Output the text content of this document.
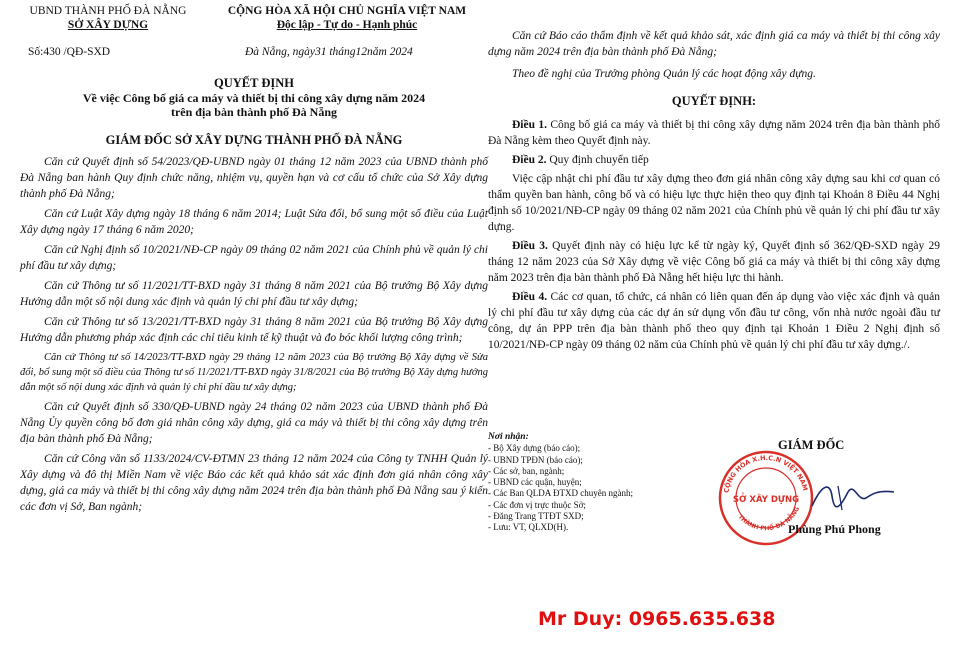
UBND THÀNH PHỐ ĐÀ NẴNG
SỞ XÂY DỰNG
CỘNG HÒA XÃ HỘI CHỦ NGHĨA VIỆT NAM
Độc lập - Tự do - Hạnh phúc
Số:430 /QĐ-SXD	Đà Nẵng, ngày31 tháng12năm 2024
QUYẾT ĐỊNH
Về việc Công bố giá ca máy và thiết bị thi công xây dựng năm 2024
trên địa bàn thành phố Đà Nẵng
GIÁM ĐỐC SỞ XÂY DỰNG THÀNH PHỐ ĐÀ NẴNG

Căn cứ Quyết định số 54/2023/QĐ-UBND ngày 01 tháng 12 năm 2023 của UBND thành phố Đà Nẵng ban hành Quy định chức năng, nhiệm vụ, quyền hạn và cơ cấu tổ chức của Sở Xây dựng thành phố Đà Nẵng;

Căn cứ Luật Xây dựng ngày 18 tháng 6 năm 2014; Luật Sửa đổi, bổ sung một số điều của Luật Xây dựng ngày 17 tháng 6 năm 2020;

Căn cứ Nghị định số 10/2021/NĐ-CP ngày 09 tháng 02 năm 2021 của Chính phủ về quản lý chi phí đầu tư xây dựng;

Căn cứ Thông tư số 11/2021/TT-BXD ngày 31 tháng 8 năm 2021 của Bộ trưởng Bộ Xây dựng Hướng dẫn một số nội dung xác định và quản lý chi phí đầu tư xây dựng;

Căn cứ Thông tư số 13/2021/TT-BXD ngày 31 tháng 8 năm 2021 của Bộ trưởng Bộ Xây dựng Hướng dẫn phương pháp xác định các chỉ tiêu kinh tế kỹ thuật và đo bóc khối lượng công trình;

Căn cứ Thông tư số 14/2023/TT-BXD ngày 29 tháng 12 năm 2023 của Bộ trưởng Bộ Xây dựng về Sửa đổi, bổ sung một số điều của Thông tư số 11/2021/TT-BXD ngày 31/8/2021 của Bộ trưởng Bộ Xây dựng hướng dẫn một số nội dung xác định và quản lý chi phí đầu tư xây dựng;

Căn cứ Quyết định số 330/QĐ-UBND ngày 24 tháng 02 năm 2023 của UBND thành phố Đà Nẵng Ủy quyền công bố đơn giá nhân công xây dựng, giá ca máy và thiết bị thi công xây dựng trên địa bàn thành phố Đà Nẵng;

Căn cứ Công văn số 1133/2024/CV-ĐTMN 23 tháng 12 năm 2024 của Công ty TNHH Quản lý Xây dựng và đô thị Miền Nam về việc Báo các kết quả khảo sát xác định đơn giá nhân công xây dựng, giá ca máy và thiết bị thi công xây dựng năm 2024 trên địa bàn thành phố Đà Nẵng sau ý kiến các đơn vị Sở, Ban ngành;

Căn cứ Báo cáo thẩm định về kết quả khảo sát, xác định giá ca máy và thiết bị thi công xây dựng năm 2024 trên địa bàn thành phố Đà Nẵng;

Theo đề nghị của Trưởng phòng Quản lý các hoạt động xây dựng.

QUYẾT ĐỊNH:

Điều 1. Công bố giá ca máy và thiết bị thi công xây dựng năm 2024 trên địa bàn thành phố Đà Nẵng kèm theo Quyết định này.

Điều 2. Quy định chuyển tiếp

Việc cập nhật chi phí đầu tư xây dựng theo đơn giá nhân công xây dựng sau khi cơ quan có thẩm quyền ban hành, công bố và có hiệu lực thực hiện theo quy định tại Khoản 8 Điều 44 Nghị định số 10/2021/NĐ-CP ngày 09 tháng 02 năm 2021 của Chính phủ về quản lý chi phí đầu tư xây dựng.

Điều 3. Quyết định này có hiệu lực kể từ ngày ký, Quyết định số 362/QĐ-SXD ngày 29 tháng 12 năm 2023 của Sở Xây dựng về việc Công bố giá ca máy và thiết bị thi công xây dựng năm 2023 trên địa bàn thành phố Đà Nẵng hết hiệu lực thi hành.

Điều 4. Các cơ quan, tổ chức, cá nhân có liên quan đến áp dụng vào việc xác định và quản lý chi phí đầu tư xây dựng của các dự án sử dụng vốn đầu tư công, vốn nhà nước ngoài đầu tư công, dự án PPP trên địa bàn thành phố theo quy định tại Khoản 1 Điều 2 Nghị định số 10/2021/NĐ-CP ngày 09 tháng 02 năm của Chính phủ về quản lý chi phí đầu tư xây dựng./.

Nơi nhận:
- Bộ Xây dựng (báo cáo);
- UBND TPĐN (báo cáo);
- Các sở, ban, ngành;
- UBND các quận, huyện;
- Các Ban QLDA ĐTXD chuyên ngành;
- Các đơn vị trực thuộc Sở;
- Đăng Trang TTĐT SXD;
- Lưu: VT, QLXD(H).
CỘNG HÒA X.H.C.N VIỆT NAM
THÀNH PHỐ ĐÀ NẴNG
SỞ XÂY DỰNG
GIÁM ĐỐC
Phùng Phú Phong
Mr Duy: 0965.635.638
